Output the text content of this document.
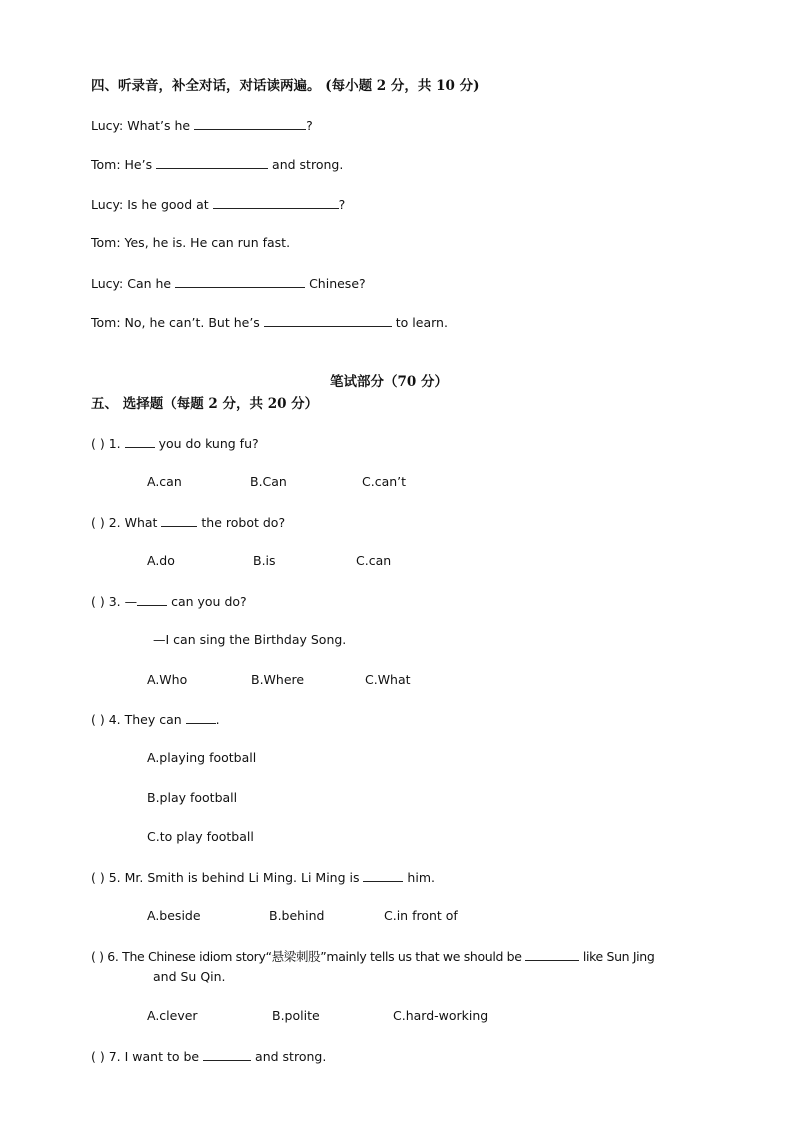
四、听录音，补全对话，对话读两遍。 (每小题 2 分，共 10 分)
Lucy: What’s he	?
Tom: He’s	and strong.
Lucy: Is he good at	?
Tom: Yes, he is. He can run fast.
Lucy: Can he	Chinese?
Tom: No, he can’t. But he’s	to learn.
笔试部分（70 分）
五、 选择题（每题 2 分，共 20 分）
( ) 1.  you do kung fu?
A.can	B.Can	C.can’t
( ) 2. What	the robot do?
A.do	B.is	C.can
( ) 3. — can you do?
—I can sing the Birthday Song.
A.Who	B.Where	C.What
( ) 4. They can .
A.playing football
B.play football
C.to play football
( ) 5. Mr. Smith is behind Li Ming. Li Ming is	him.
A.beside	B.behind	C.in front of
( ) 6. The Chinese idiom story“悬梁刺股”mainly tells us that we should be	like Sun Jing
and Su Qin.
A.clever	B.polite	C.hard-working
( ) 7. I want to be	and strong.
